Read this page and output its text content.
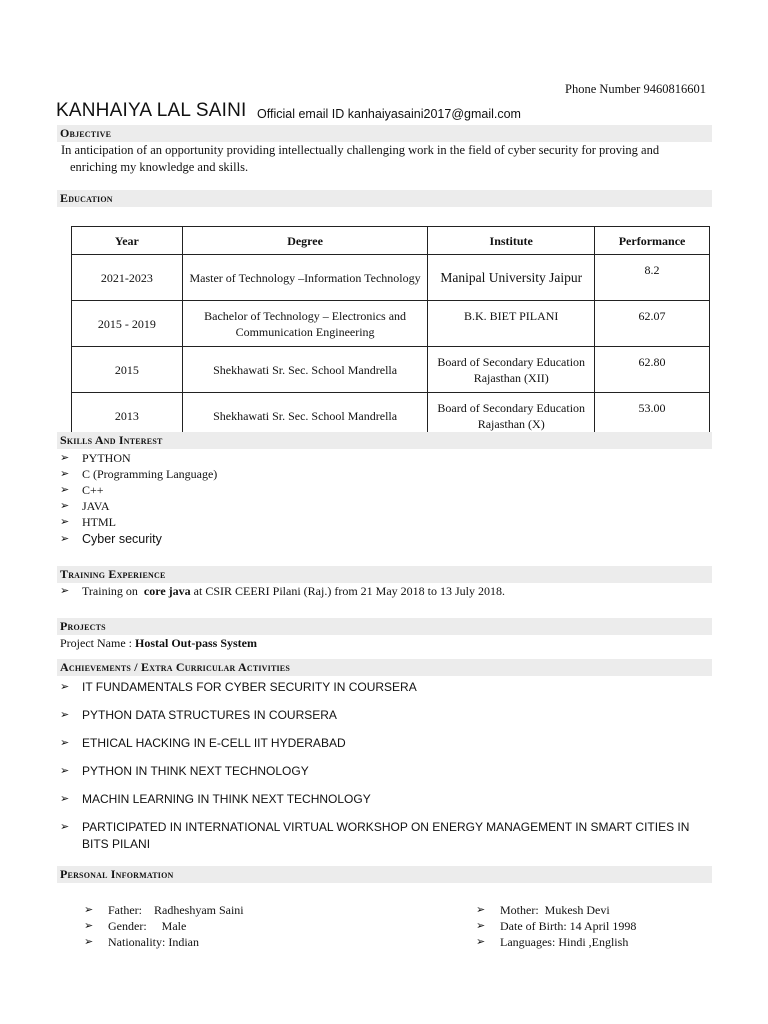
Phone Number 9460816601
KANHAIYA LAL SAINI Official email ID kanhaiyasaini2017@gmail.com
Objective
In anticipation of an opportunity providing intellectually challenging work in the field of cyber security for proving and
enriching my knowledge and skills.
Education
Year	Degree	Institute	Performance
2021-2023	Master of Technology –Information Technology	Manipal University Jaipur	8.2
2015 - 2019	Bachelor of Technology – Electronics and Communication Engineering	B.K. BIET PILANI	62.07
2015	Shekhawati Sr. Sec. School Mandrella	Board of Secondary Education Rajasthan (XII)	62.80
2013	Shekhawati Sr. Sec. School Mandrella	Board of Secondary Education Rajasthan (X)	53.00
Skills And Interest
➢ PYTHON
➢ C (Programming Language)
➢ C++
➢ JAVA
➢ HTML
➢ Cyber security
Training Experience
➢ Training on core java at CSIR CEERI Pilani (Raj.) from 21 May 2018 to 13 July 2018.
Projects
Project Name : Hostal Out-pass System
Achievements / Extra Curricular Activities
➢ IT FUNDAMENTALS FOR CYBER SECURITY IN COURSERA
➢ PYTHON DATA STRUCTURES IN COURSERA
➢ ETHICAL HACKING IN E-CELL IIT HYDERABAD
➢ PYTHON IN THINK NEXT TECHNOLOGY
➢ MACHIN LEARNING IN THINK NEXT TECHNOLOGY
➢ PARTICIPATED IN INTERNATIONAL VIRTUAL WORKSHOP ON ENERGY MANAGEMENT IN SMART CITIES IN BITS PILANI
Personal Information
➢ Father:    Radheshyam Saini
➢ Gender:     Male
➢ Nationality: Indian
➢ Mother:  Mukesh Devi
➢ Date of Birth: 14 April 1998
➢ Languages: Hindi ,English
